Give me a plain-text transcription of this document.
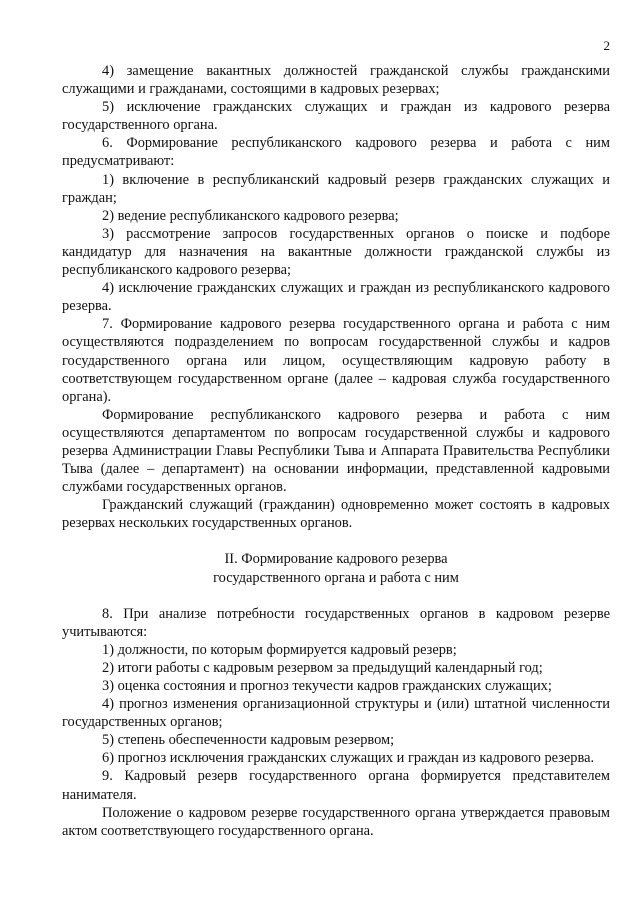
2

4) замещение вакантных должностей гражданской службы гражданскими служащими и гражданами, состоящими в кадровых резервах;

5) исключение гражданских служащих и граждан из кадрового резерва государственного органа.

6. Формирование республиканского кадрового резерва и работа с ним предусматривают:

1) включение в республиканский кадровый резерв гражданских служащих и граждан;

2) ведение республиканского кадрового резерва;

3) рассмотрение запросов государственных органов о поиске и подборе кандидатур для назначения на вакантные должности гражданской службы из республиканского кадрового резерва;

4) исключение гражданских служащих и граждан из республиканского кадрового резерва.

7. Формирование кадрового резерва государственного органа и работа с ним осуществляются подразделением по вопросам государственной службы и кадров государственного органа или лицом, осуществляющим кадровую работу в соответствующем государственном органе (далее – кадровая служба государственного органа).

Формирование республиканского кадрового резерва и работа с ним осуществляются департаментом по вопросам государственной службы и кадрового резерва Администрации Главы Республики Тыва и Аппарата Правительства Республики Тыва (далее – департамент) на основании информации, представленной кадровыми службами государственных органов.

Гражданский служащий (гражданин) одновременно может состоять в кадровых резервах нескольких государственных органов.

II. Формирование кадрового резерва
государственного органа и работа с ним

8. При анализе потребности государственных органов в кадровом резерве учитываются:

1) должности, по которым формируется кадровый резерв;

2) итоги работы с кадровым резервом за предыдущий календарный год;

3) оценка состояния и прогноз текучести кадров гражданских служащих;

4) прогноз изменения организационной структуры и (или) штатной численности государственных органов;

5) степень обеспеченности кадровым резервом;

6) прогноз исключения гражданских служащих и граждан из кадрового резерва.

9. Кадровый резерв государственного органа формируется представителем нанимателя.

Положение о кадровом резерве государственного органа утверждается правовым актом соответствующего государственного органа.
